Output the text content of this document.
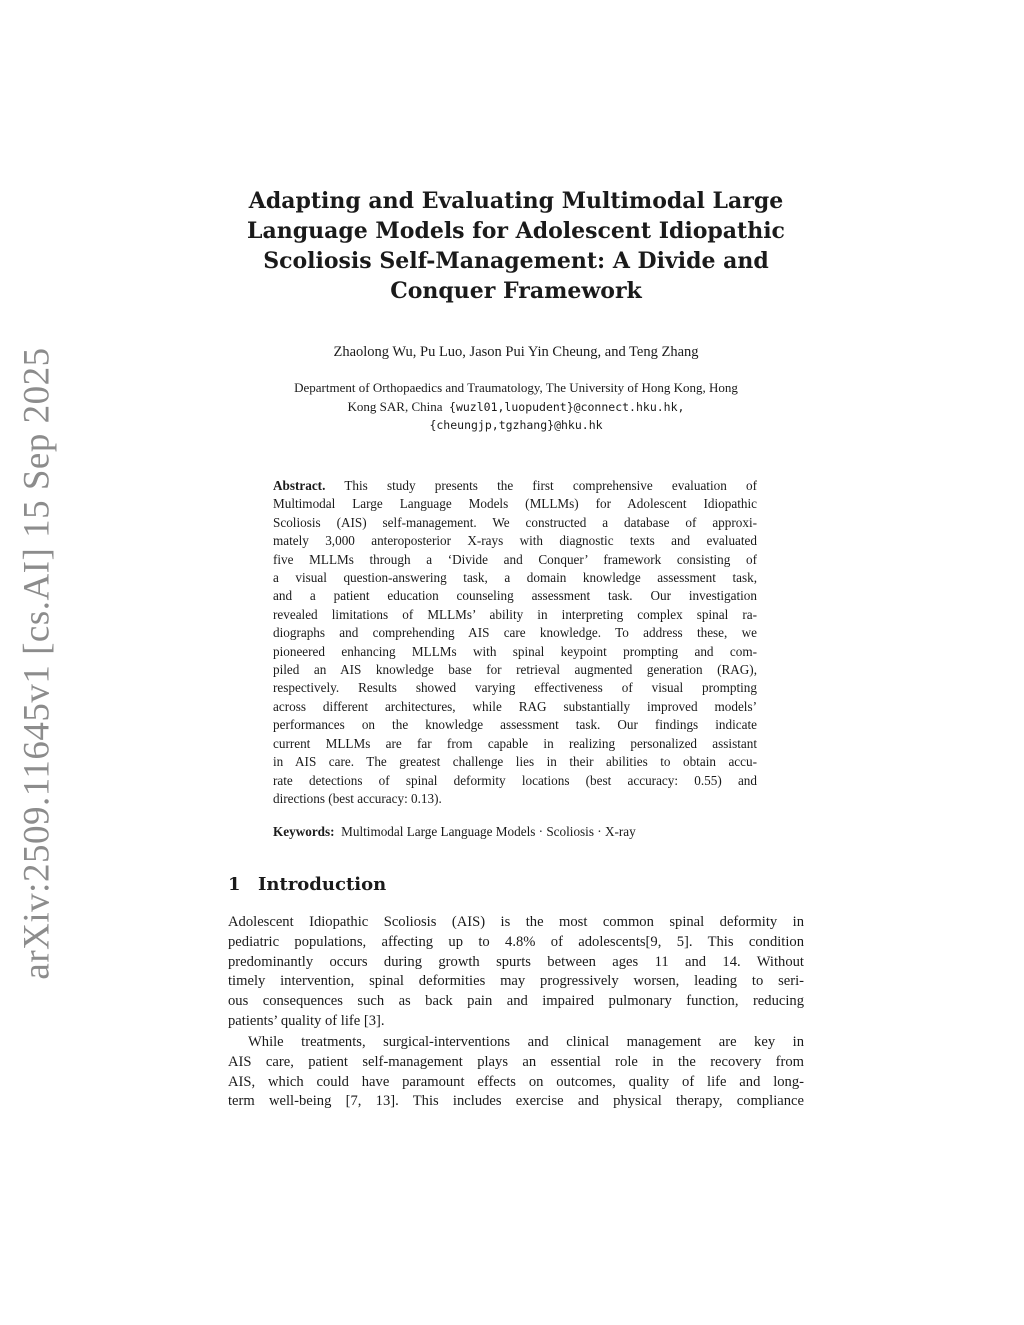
arXiv:2509.11645v1 [cs.AI] 15 Sep 2025
Adapting and Evaluating Multimodal Large
Language Models for Adolescent Idiopathic
Scoliosis Self-Management: A Divide and
Conquer Framework
Zhaolong Wu, Pu Luo, Jason Pui Yin Cheung, and Teng Zhang
Department of Orthopaedics and Traumatology, The University of Hong Kong, Hong
Kong SAR, China {wuzl01,luopudent}@connect.hku.hk,
{cheungjp,tgzhang}@hku.hk
Abstract. This study presents the first comprehensive evaluation of
Multimodal Large Language Models (MLLMs) for Adolescent Idiopathic
Scoliosis (AIS) self-management. We constructed a database of approxi-
mately 3,000 anteroposterior X-rays with diagnostic texts and evaluated
five MLLMs through a ‘Divide and Conquer’ framework consisting of
a visual question-answering task, a domain knowledge assessment task,
and a patient education counseling assessment task. Our investigation
revealed limitations of MLLMs’ ability in interpreting complex spinal ra-
diographs and comprehending AIS care knowledge. To address these, we
pioneered enhancing MLLMs with spinal keypoint prompting and com-
piled an AIS knowledge base for retrieval augmented generation (RAG),
respectively. Results showed varying effectiveness of visual prompting
across different architectures, while RAG substantially improved models’
performances on the knowledge assessment task. Our findings indicate
current MLLMs are far from capable in realizing personalized assistant
in AIS care. The greatest challenge lies in their abilities to obtain accu-
rate detections of spinal deformity locations (best accuracy: 0.55) and
directions (best accuracy: 0.13).
Keywords: Multimodal Large Language Models · Scoliosis · X-ray
1 Introduction
Adolescent Idiopathic Scoliosis (AIS) is the most common spinal deformity in
pediatric populations, affecting up to 4.8% of adolescents[9, 5]. This condition
predominantly occurs during growth spurts between ages 11 and 14. Without
timely intervention, spinal deformities may progressively worsen, leading to seri-
ous consequences such as back pain and impaired pulmonary function, reducing
patients’ quality of life [3].
While treatments, surgical-interventions and clinical management are key in
AIS care, patient self-management plays an essential role in the recovery from
AIS, which could have paramount effects on outcomes, quality of life and long-
term well-being [7, 13]. This includes exercise and physical therapy, compliance
